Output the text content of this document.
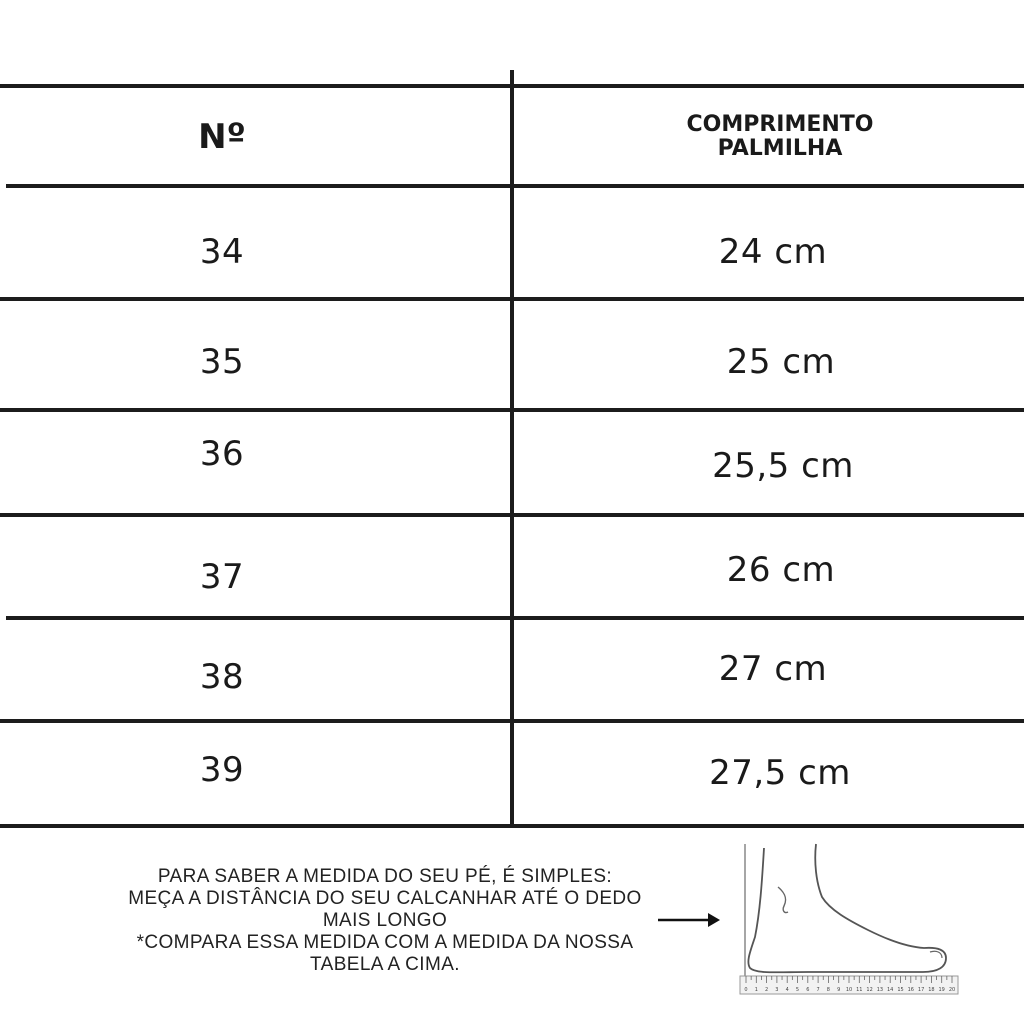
Nº	COMPRIMENTO PALMILHA
34	24 cm
35	25 cm
36	25,5 cm
37	26 cm
38	27 cm
39	27,5 cm

PARA SABER A MEDIDA DO SEU PÉ, É SIMPLES:

MEÇA A DISTÂNCIA DO SEU CALCANHAR ATÉ O DEDO

MAIS LONGO

*COMPARA ESSA MEDIDA COM A MEDIDA DA NOSSA

TABELA A CIMA.

0 1 2 3 4 5 6 7 8 9 10 11 12 13 14 15 16 17 18 19 20
